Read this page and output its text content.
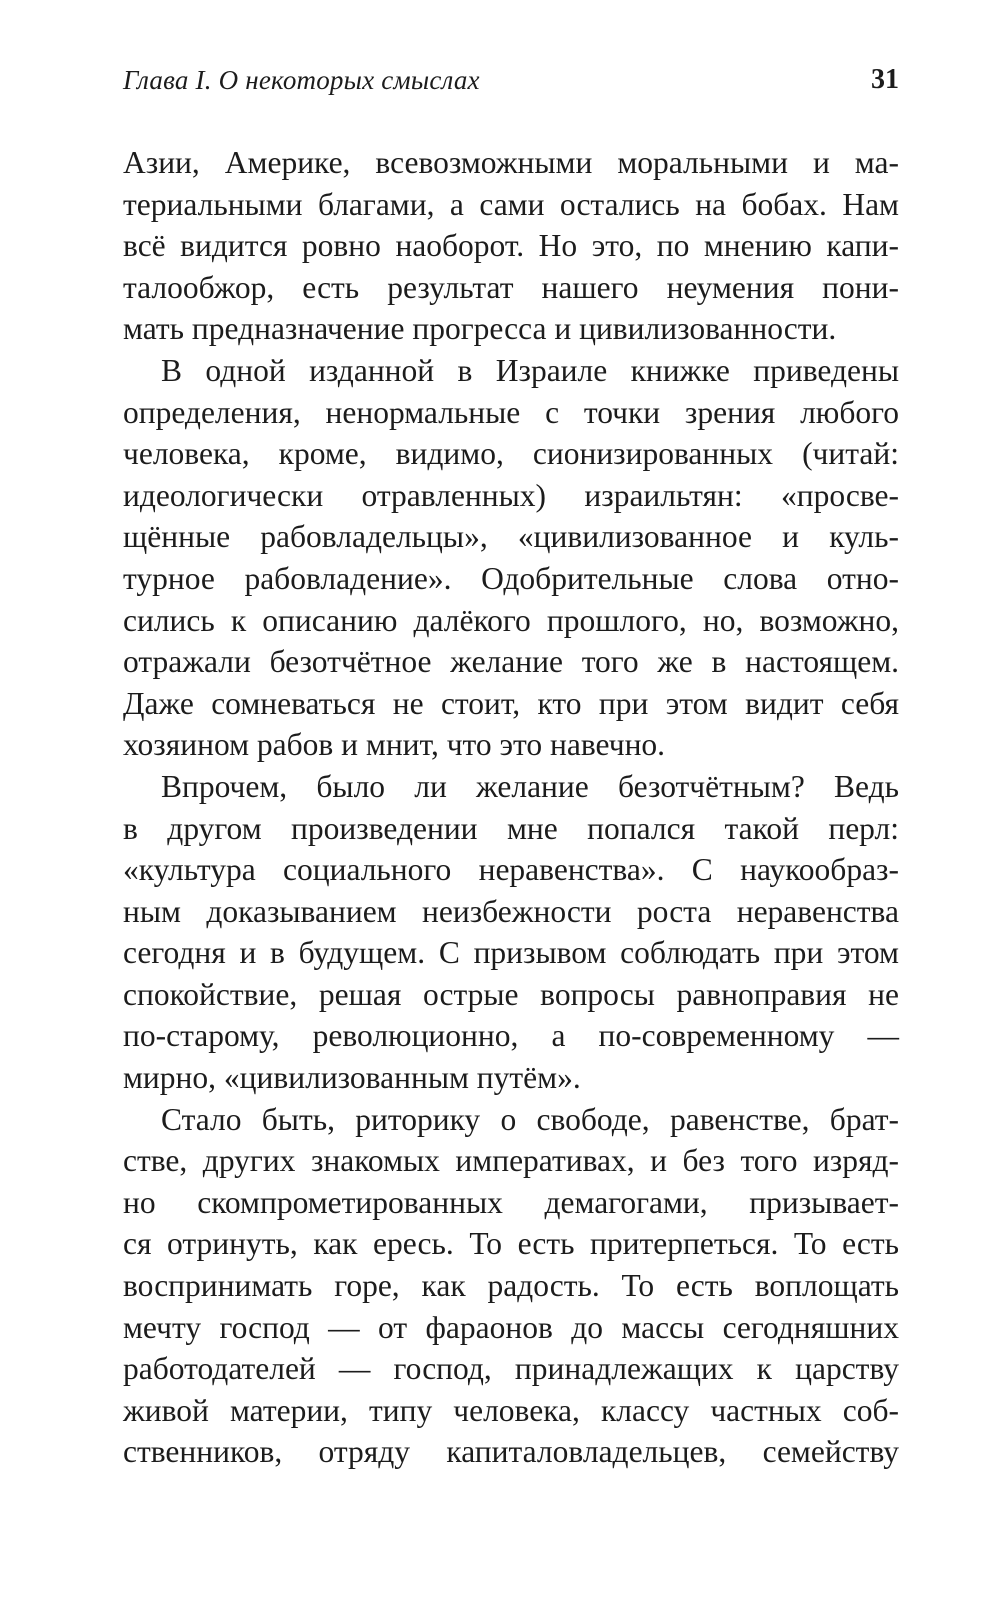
Глава I. О некоторых смыслах	31
Азии, Америке, всевозможными моральными и ма-
териальными благами, а сами остались на бобах. Нам
всё видится ровно наоборот. Но это, по мнению капи-
талообжор, есть результат нашего неумения пони-
мать предназначение прогресса и цивилизованности.
В одной изданной в Израиле книжке приведены
определения, ненормальные с точки зрения любого
человека, кроме, видимо, сионизированных (читай:
идеологически отравленных) израильтян: «просве-
щённые рабовладельцы», «цивилизованное и куль-
турное рабовладение». Одобрительные слова отно-
сились к описанию далёкого прошлого, но, возможно,
отражали безотчётное желание того же в настоящем.
Даже сомневаться не стоит, кто при этом видит себя
хозяином рабов и мнит, что это навечно.
Впрочем, было ли желание безотчётным? Ведь
в другом произведении мне попался такой перл:
«культура социального неравенства». С наукообраз-
ным доказыванием неизбежности роста неравенства
сегодня и в будущем. С призывом соблюдать при этом
спокойствие, решая острые вопросы равноправия не
по-старому, революционно, а по-современному —
мирно, «цивилизованным путём».
Стало быть, риторику о свободе, равенстве, брат-
стве, других знакомых императивах, и без того изряд-
но скомпрометированных демагогами, призывает-
ся отринуть, как ересь. То есть притерпеться. То есть
воспринимать горе, как радость. То есть воплощать
мечту господ — от фараонов до массы сегодняшних
работодателей — господ, принадлежащих к царству
живой материи, типу человека, классу частных соб-
ственников, отряду капиталовладельцев, семейству
